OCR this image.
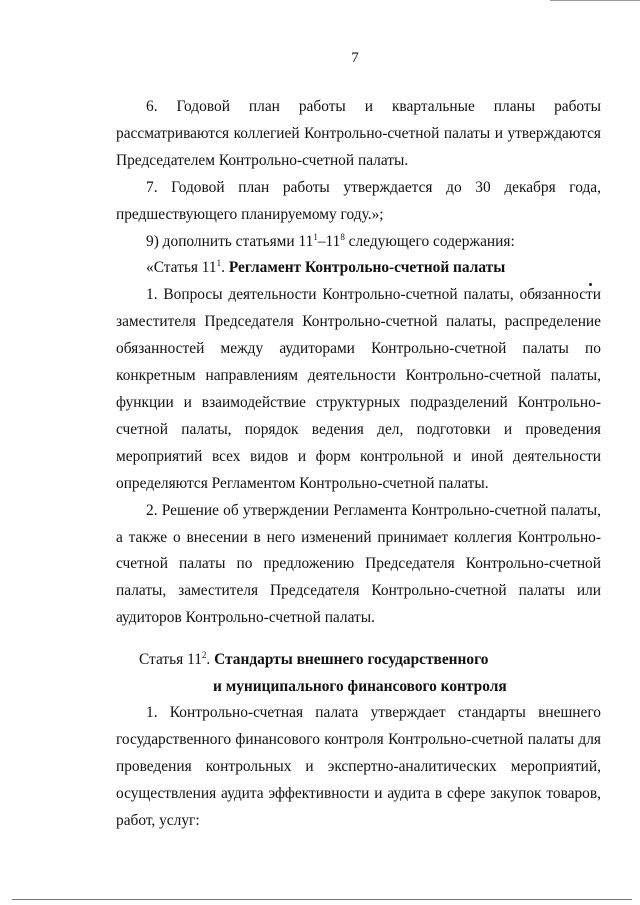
7

6. Годовой план работы и квартальные планы работы рассматриваются коллегией Контрольно-счетной палаты и утверждаются Председателем Контрольно-счетной палаты.

7. Годовой план работы утверждается до 30 декабря года, предшествующего планируемому году.»;

9) дополнить статьями $11^1-11^8$ следующего содержания:

«Статья $11^1$. Регламент Контрольно-счетной палаты

1. Вопросы деятельности Контрольно-счетной палаты, обязанности заместителя Председателя Контрольно-счетной палаты, распределение обязанностей между аудиторами Контрольно-счетной палаты по конкретным направлениям деятельности Контрольно-счетной палаты, функции и взаимодействие структурных подразделений Контрольно-счетной палаты, порядок ведения дел, подготовки и проведения мероприятий всех видов и форм контрольной и иной деятельности определяются Регламентом Контрольно-счетной палаты.

2. Решение об утверждении Регламента Контрольно-счетной палаты, а также о внесении в него изменений принимает коллегия Контрольно-счетной палаты по предложению Председателя Контрольно-счетной палаты, заместителя Председателя Контрольно-счетной палаты или аудиторов Контрольно-счетной палаты.

Статья $11^2$. Стандарты внешнего государственного
и муниципального финансового контроля

1. Контрольно-счетная палата утверждает стандарты внешнего государственного финансового контроля Контрольно-счетной палаты для проведения контрольных и экспертно-аналитических мероприятий, осуществления аудита эффективности и аудита в сфере закупок товаров, работ, услуг:
